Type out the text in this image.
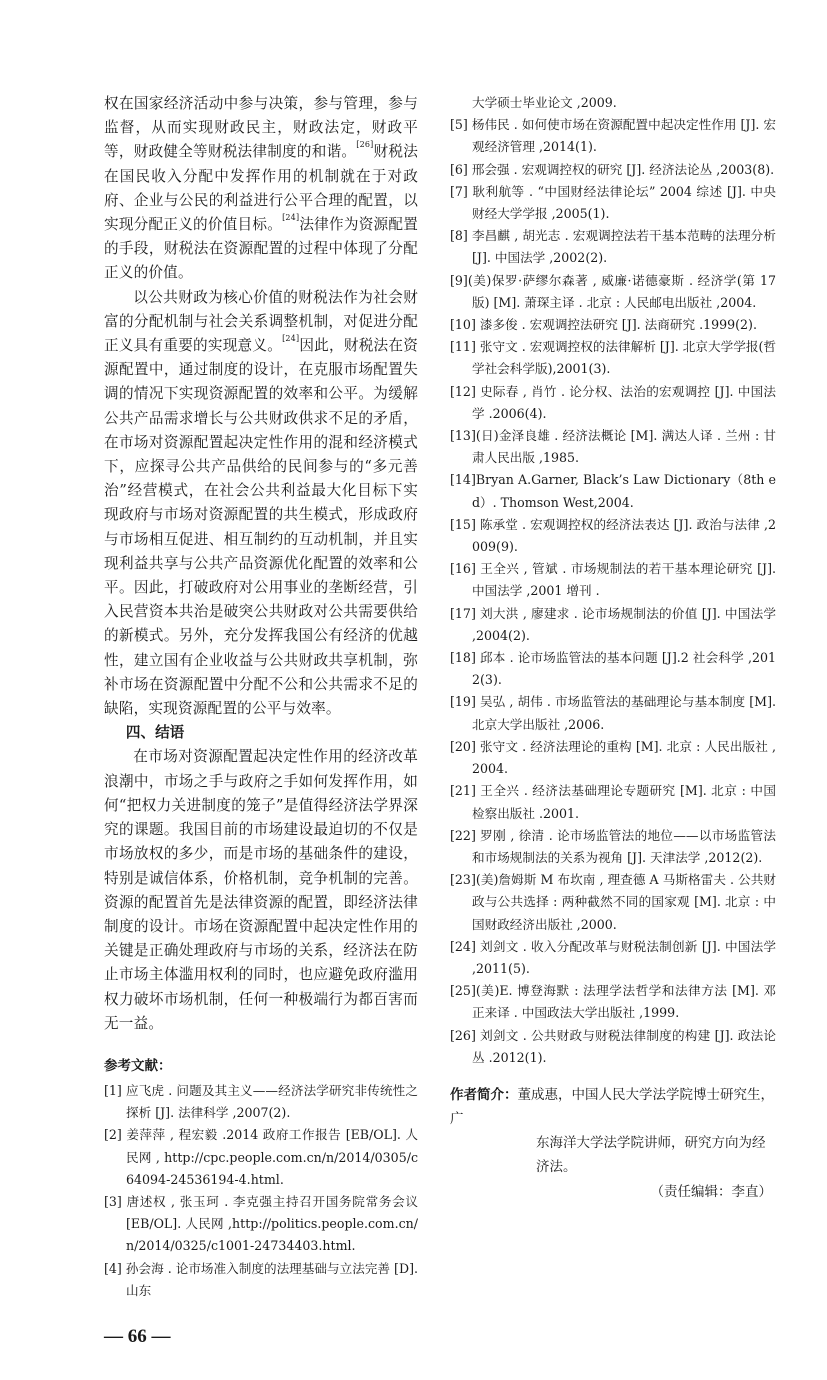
权在国家经济活动中参与决策，参与管理，参与监督，从而实现财政民主，财政法定，财政平等，财政健全等财税法律制度的和谐。[26]财税法在国民收入分配中发挥作用的机制就在于对政府、企业与公民的利益进行公平合理的配置，以实现分配正义的价值目标。[24]法律作为资源配置的手段，财税法在资源配置的过程中体现了分配正义的价值。

以公共财政为核心价值的财税法作为社会财富的分配机制与社会关系调整机制，对促进分配正义具有重要的实现意义。[24]因此，财税法在资源配置中，通过制度的设计，在克服市场配置失调的情况下实现资源配置的效率和公平。为缓解公共产品需求增长与公共财政供求不足的矛盾，在市场对资源配置起决定性作用的混和经济模式下，应探寻公共产品供给的民间参与的“多元善治”经营模式，在社会公共利益最大化目标下实现政府与市场对资源配置的共生模式，形成政府与市场相互促进、相互制约的互动机制，并且实现利益共享与公共产品资源优化配置的效率和公平。因此，打破政府对公用事业的垄断经营，引入民营资本共治是破突公共财政对公共需要供给的新模式。另外，充分发挥我国公有经济的优越性，建立国有企业收益与公共财政共享机制，弥补市场在资源配置中分配不公和公共需求不足的缺陷，实现资源配置的公平与效率。

四、结语

在市场对资源配置起决定性作用的经济改革浪潮中，市场之手与政府之手如何发挥作用，如何“把权力关进制度的笼子”是值得经济法学界深究的课题。我国目前的市场建设最迫切的不仅是市场放权的多少，而是市场的基础条件的建设，特别是诚信体系，价格机制，竞争机制的完善。资源的配置首先是法律资源的配置，即经济法律制度的设计。市场在资源配置中起决定性作用的关键是正确处理政府与市场的关系，经济法在防止市场主体滥用权利的同时，也应避免政府滥用权力破坏市场机制，任何一种极端行为都百害而无一益。

参考文献：

[1] 应飞虎 . 问题及其主义——经济法学研究非传统性之探析 [J]. 法律科学 ,2007(2).

[2] 姜萍萍 , 程宏毅 .2014 政府工作报告 [EB/OL]. 人民网 , http://cpc.people.com.cn/n/2014/0305/c64094-24536194-4.html.

[3] 唐述权 , 张玉珂 . 李克强主持召开国务院常务会议 [EB/OL]. 人民网 ,http://politics.people.com.cn/n/2014/0325/c1001-24734403.html.

[4] 孙会海 . 论市场准入制度的法理基础与立法完善 [D]. 山东

— 66 —

大学硕士毕业论文 ,2009.

[5] 杨伟民 . 如何使市场在资源配置中起决定性作用 [J]. 宏观经济管理 ,2014(1).

[6] 邢会强 . 宏观调控权的研究 [J]. 经济法论丛 ,2003(8).

[7] 耿利航等 . “中国财经法律论坛” 2004 综述 [J]. 中央财经大学学报 ,2005(1).

[8] 李昌麒 , 胡光志 . 宏观调控法若干基本范畴的法理分析 [J]. 中国法学 ,2002(2).

[9](美)保罗·萨缪尔森著 , 威廉·诺德豪斯 . 经济学(第 17 版) [M]. 萧琛主译 . 北京 : 人民邮电出版社 ,2004.

[10] 漆多俊 . 宏观调控法研究 [J]. 法商研究 .1999(2).

[11] 张守文 . 宏观调控权的法律解析 [J]. 北京大学学报(哲学社会科学版),2001(3).

[12] 史际春 , 肖竹 . 论分权、法治的宏观调控 [J]. 中国法学 .2006(4).

[13](日)金泽良雄 . 经济法概论 [M]. 满达人译 . 兰州 : 甘肃人民出版 ,1985.

[14]Bryan A.Garner, Black’s Law Dictionary（8th ed）. Thomson West,2004.

[15] 陈承堂 . 宏观调控权的经济法表达 [J]. 政治与法律 ,2009(9).

[16] 王全兴 , 管斌 . 市场规制法的若干基本理论研究 [J]. 中国法学 ,2001 增刊 .

[17] 刘大洪 , 廖建求 . 论市场规制法的价值 [J]. 中国法学 ,2004(2).

[18] 邱本 . 论市场监管法的基本问题 [J].2 社会科学 ,2012(3).

[19] 吴弘 , 胡伟 . 市场监管法的基础理论与基本制度 [M]. 北京大学出版社 ,2006.

[20] 张守文 . 经济法理论的重构 [M]. 北京 : 人民出版社 ,2004.

[21] 王全兴 . 经济法基础理论专题研究 [M]. 北京 : 中国检察出版社 .2001.

[22] 罗刚 , 徐清 . 论市场监管法的地位——以市场监管法和市场规制法的关系为视角 [J]. 天津法学 ,2012(2).

[23](美)詹姆斯 M 布坎南 , 理查德 A 马斯格雷夫 . 公共财政与公共选择 : 两种截然不同的国家观 [M]. 北京 : 中国财政经济出版社 ,2000.

[24] 刘剑文 . 收入分配改革与财税法制创新 [J]. 中国法学 ,2011(5).

[25](美)E. 博登海默 : 法理学法哲学和法律方法 [M]. 邓正来译 . 中国政法大学出版社 ,1999.

[26] 刘剑文 . 公共财政与财税法律制度的构建 [J]. 政法论丛 .2012(1).

作者简介：董成惠，中国人民大学法学院博士研究生，广
东海洋大学法学院讲师，研究方向为经济法。
（责任编辑：李直）
